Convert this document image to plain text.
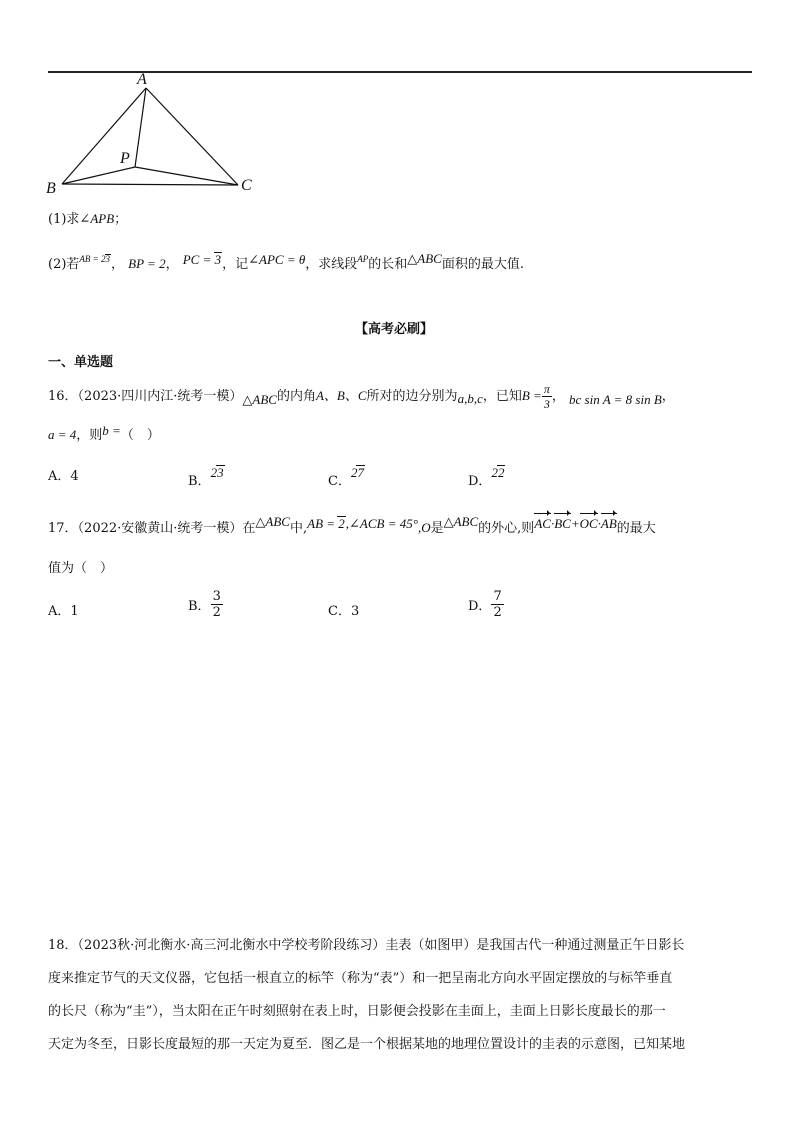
A
B	C
P
(1)求∠APB；
(2)若$^{AB = 23}$， BP = 2， PC = 3，记∠APC = θ，求线段$^{AP}$的长和△ABC面积的最大值.
【高考必刷】
一、单选题
16．（2023·四川内江·统考一模）△ABC的内角A、B、C所对的边分别为a,b,c，已知$B = \frac{\pi}{3}$ ， bc sin A = 8 sin B，
a = 4，则b =（　）
A．4	B．23
C．27
D．22
17．（2022·安徽黄山·统考一模）在△ABC中,AB = 2,∠ACB = 45°,O是△ABC的外心,则AC·BC+OC·AB的最大
值为（　）
A．1	B． $\frac{3}{2}$	C．3	D． $\frac{7}{2}$
18．（2023秋·河北衡水·高三河北衡水中学校考阶段练习）圭表（如图甲）是我国古代一种通过测量正午日影长
度来推定节气的天文仪器，它包括一根直立的标竿（称为“表”）和一把呈南北方向水平固定摆放的与标竿垂直
的长尺（称为“圭”），当太阳在正午时刻照射在表上时，日影便会投影在圭面上，圭面上日影长度最长的那一
天定为冬至，日影长度最短的那一天定为夏至．图乙是一个根据某地的地理位置设计的圭表的示意图，已知某地
